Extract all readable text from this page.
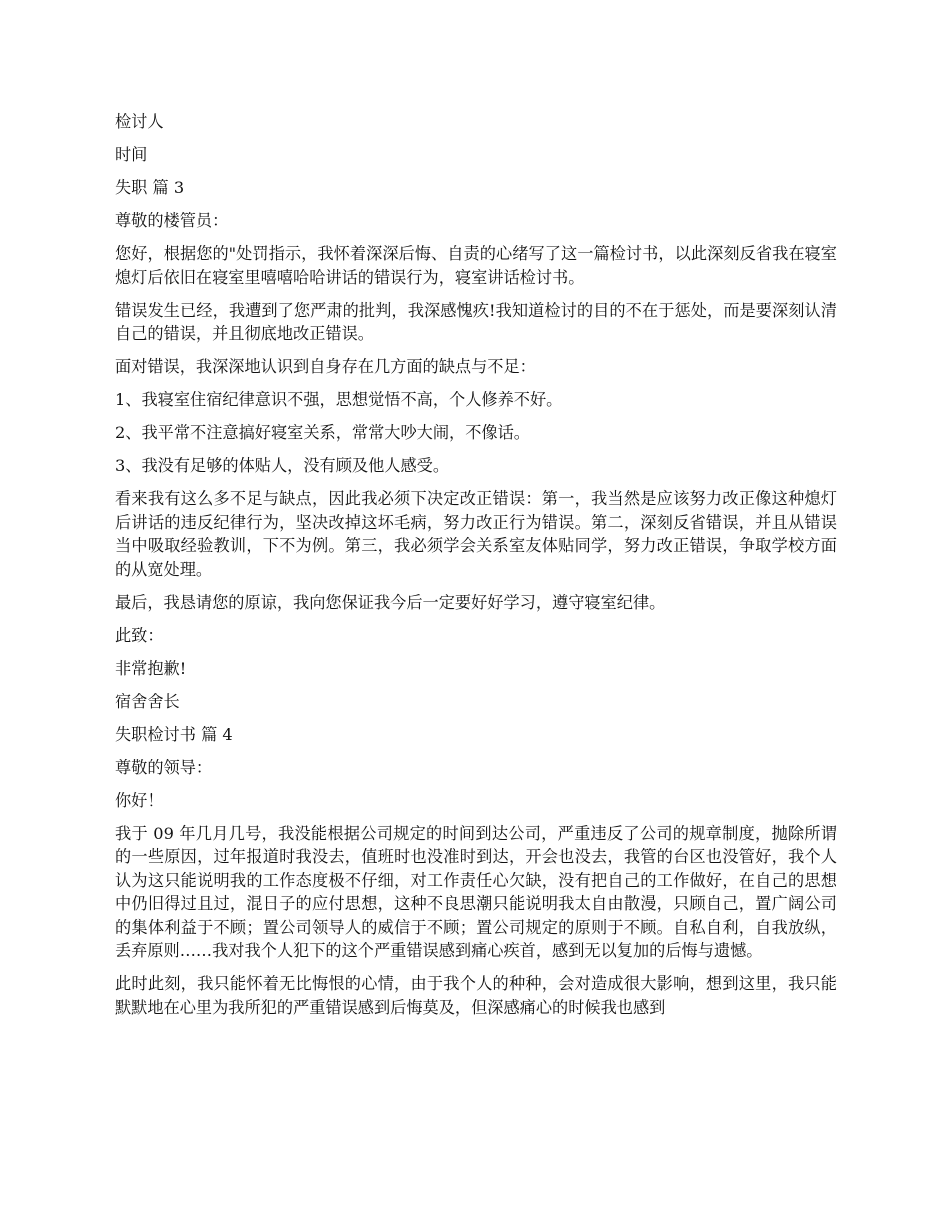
检讨人

时间

失职 篇 3

尊敬的楼管员：

您好，根据您的"处罚指示，我怀着深深后悔、自责的心绪写了这一篇检讨书，以此深刻反省我在寝室熄灯后依旧在寝室里嘻嘻哈哈讲话的错误行为，寝室讲话检讨书。

错误发生已经，我遭到了您严肃的批判，我深感愧疚!我知道检讨的目的不在于惩处，而是要深刻认清自己的错误，并且彻底地改正错误。

面对错误，我深深地认识到自身存在几方面的缺点与不足：

1、我寝室住宿纪律意识不强，思想觉悟不高，个人修养不好。

2、我平常不注意搞好寝室关系，常常大吵大闹，不像话。

3、我没有足够的体贴人，没有顾及他人感受。

看来我有这么多不足与缺点，因此我必须下决定改正错误：第一，我当然是应该努力改正像这种熄灯后讲话的违反纪律行为，坚决改掉这坏毛病，努力改正行为错误。第二，深刻反省错误，并且从错误当中吸取经验教训，下不为例。第三，我必须学会关系室友体贴同学，努力改正错误，争取学校方面的从宽处理。

最后，我恳请您的原谅，我向您保证我今后一定要好好学习，遵守寝室纪律。

此致：

非常抱歉!

宿舍舍长

失职检讨书 篇 4

尊敬的领导：

你好！

我于 09 年几月几号，我没能根据公司规定的时间到达公司，严重违反了公司的规章制度，抛除所谓的一些原因，过年报道时我没去，值班时也没准时到达，开会也没去，我管的台区也没管好，我个人认为这只能说明我的工作态度极不仔细，对工作责任心欠缺，没有把自己的工作做好，在自己的思想中仍旧得过且过，混日子的应付思想，这种不良思潮只能说明我太自由散漫，只顾自己，置广阔公司的集体利益于不顾；置公司领导人的威信于不顾；置公司规定的原则于不顾。自私自利，自我放纵，丢弃原则……我对我个人犯下的这个严重错误感到痛心疾首，感到无以复加的后悔与遗憾。

此时此刻，我只能怀着无比悔恨的心情，由于我个人的种种，会对造成很大影响，想到这里，我只能默默地在心里为我所犯的严重错误感到后悔莫及，但深感痛心的时候我也感到
